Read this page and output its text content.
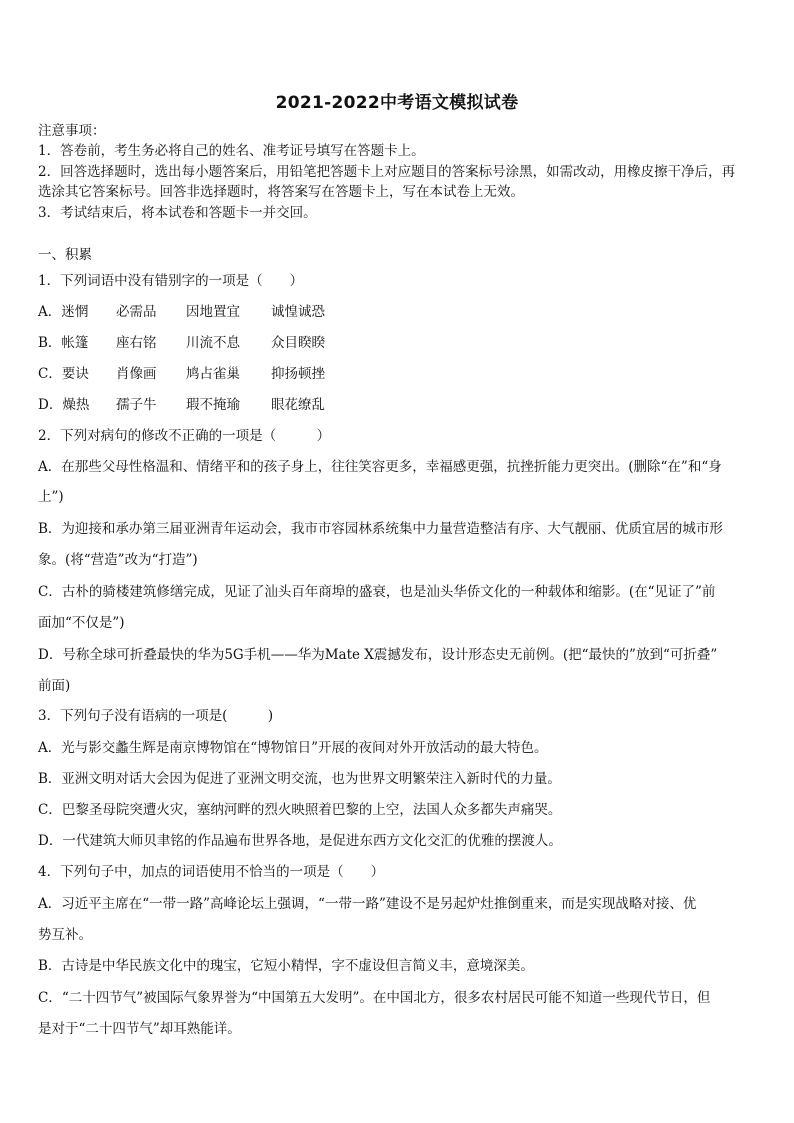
2021-2022中考语文模拟试卷
注意事项：
1．答卷前，考生务必将自己的姓名、准考证号填写在答题卡上。
2．回答选择题时，选出每小题答案后，用铅笔把答题卡上对应题目的答案标号涂黑，如需改动，用橡皮擦干净后，再
选涂其它答案标号。回答非选择题时，将答案写在答题卡上，写在本试卷上无效。
3．考试结束后，将本试卷和答题卡一并交回。
一、积累
1．下列词语中没有错别字的一项是（　　）
A．迷惘 必需品 因地置宜 诚惶诚恐
B．帐篷 座右铭 川流不息 众目睽睽
C．要诀 肖像画 鸠占雀巢 抑扬顿挫
D．燥热 孺子牛 瑕不掩瑜 眼花缭乱
2．下列对病句的修改不正确的一项是（　　　）
A．在那些父母性格温和、情绪平和的孩子身上，往往笑容更多，幸福感更强，抗挫折能力更突出。(删除“在”和“身
上”)
B．为迎接和承办第三届亚洲青年运动会，我市市容园林系统集中力量营造整洁有序、大气靓丽、优质宜居的城市形
象。(将“营造”改为“打造”)
C．古朴的骑楼建筑修缮完成，见证了汕头百年商埠的盛衰，也是汕头华侨文化的一种载体和缩影。(在“见证了”前
面加“不仅是”)
D．号称全球可折叠最快的华为5G手机——华为Mate X震撼发布，设计形态史无前例。(把“最快的”放到“可折叠”
前面)
3．下列句子没有语病的一项是(　　　)
A．光与影交蠡生辉是南京博物馆在“博物馆日”开展的夜间对外开放活动的最大特色。
B．亚洲文明对话大会因为促进了亚洲文明交流，也为世界文明繁荣注入新时代的力量。
C．巴黎圣母院突遭火灾，塞纳河畔的烈火映照着巴黎的上空，法国人众多都失声痛哭。
D．一代建筑大师贝聿铭的作品遍布世界各地，是促进东西方文化交汇的优雅的摆渡人。
4．下列句子中，加点的词语使用不恰当的一项是（　　）
A．习近平主席在“一带一路”高峰论坛上强调，“一带一路”建设不是另起炉灶推倒重来，而是实现战略对接、优
势互补。
B．古诗是中华民族文化中的瑰宝，它短小精悍，字不虚设但言简义丰，意境深美。
C．“二十四节气”被国际气象界誉为“中国第五大发明”。在中国北方，很多农村居民可能不知道一些现代节日，但
是对于“二十四节气”却耳熟能详。
